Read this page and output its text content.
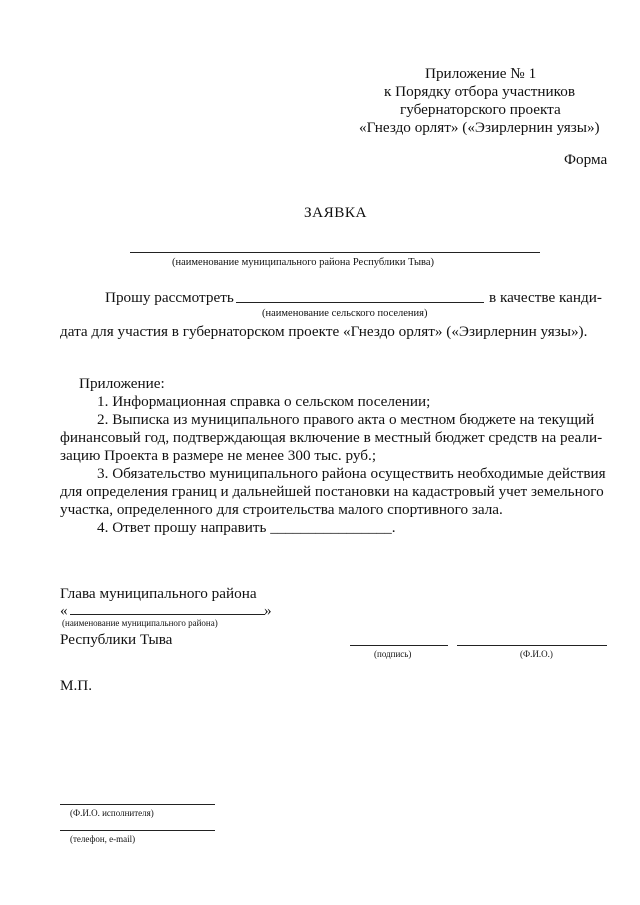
Приложение № 1
к Порядку отбора участников
губернаторского проекта
«Гнездо орлят» («Эзирлернин уязы»)
Форма
ЗАЯВКА
(наименование муниципального района Республики Тыва)
Прошу рассмотреть	в качестве канди-
(наименование сельского поселения)
дата для участия в губернаторском проекте «Гнездо орлят» («Эзирлернин уязы»).
Приложение:
1. Информационная справка о сельском поселении;
2. Выписка из муниципального правого акта о местном бюджете на текущий
финансовый год, подтверждающая включение в местный бюджет средств на реали-
зацию Проекта в размере не менее 300 тыс. руб.;
3. Обязательство муниципального района осуществить необходимые действия
для определения границ и дальнейшей постановки на кадастровый учет земельного
участка, определенного для строительства малого спортивного зала.
4. Ответ прошу направить ________________.
Глава муниципального района
«	»
(наименование муниципального района)
Республики Тыва
(подпись)	(Ф.И.О.)
М.П.
(Ф.И.О. исполнителя)
(телефон, e-mail)
